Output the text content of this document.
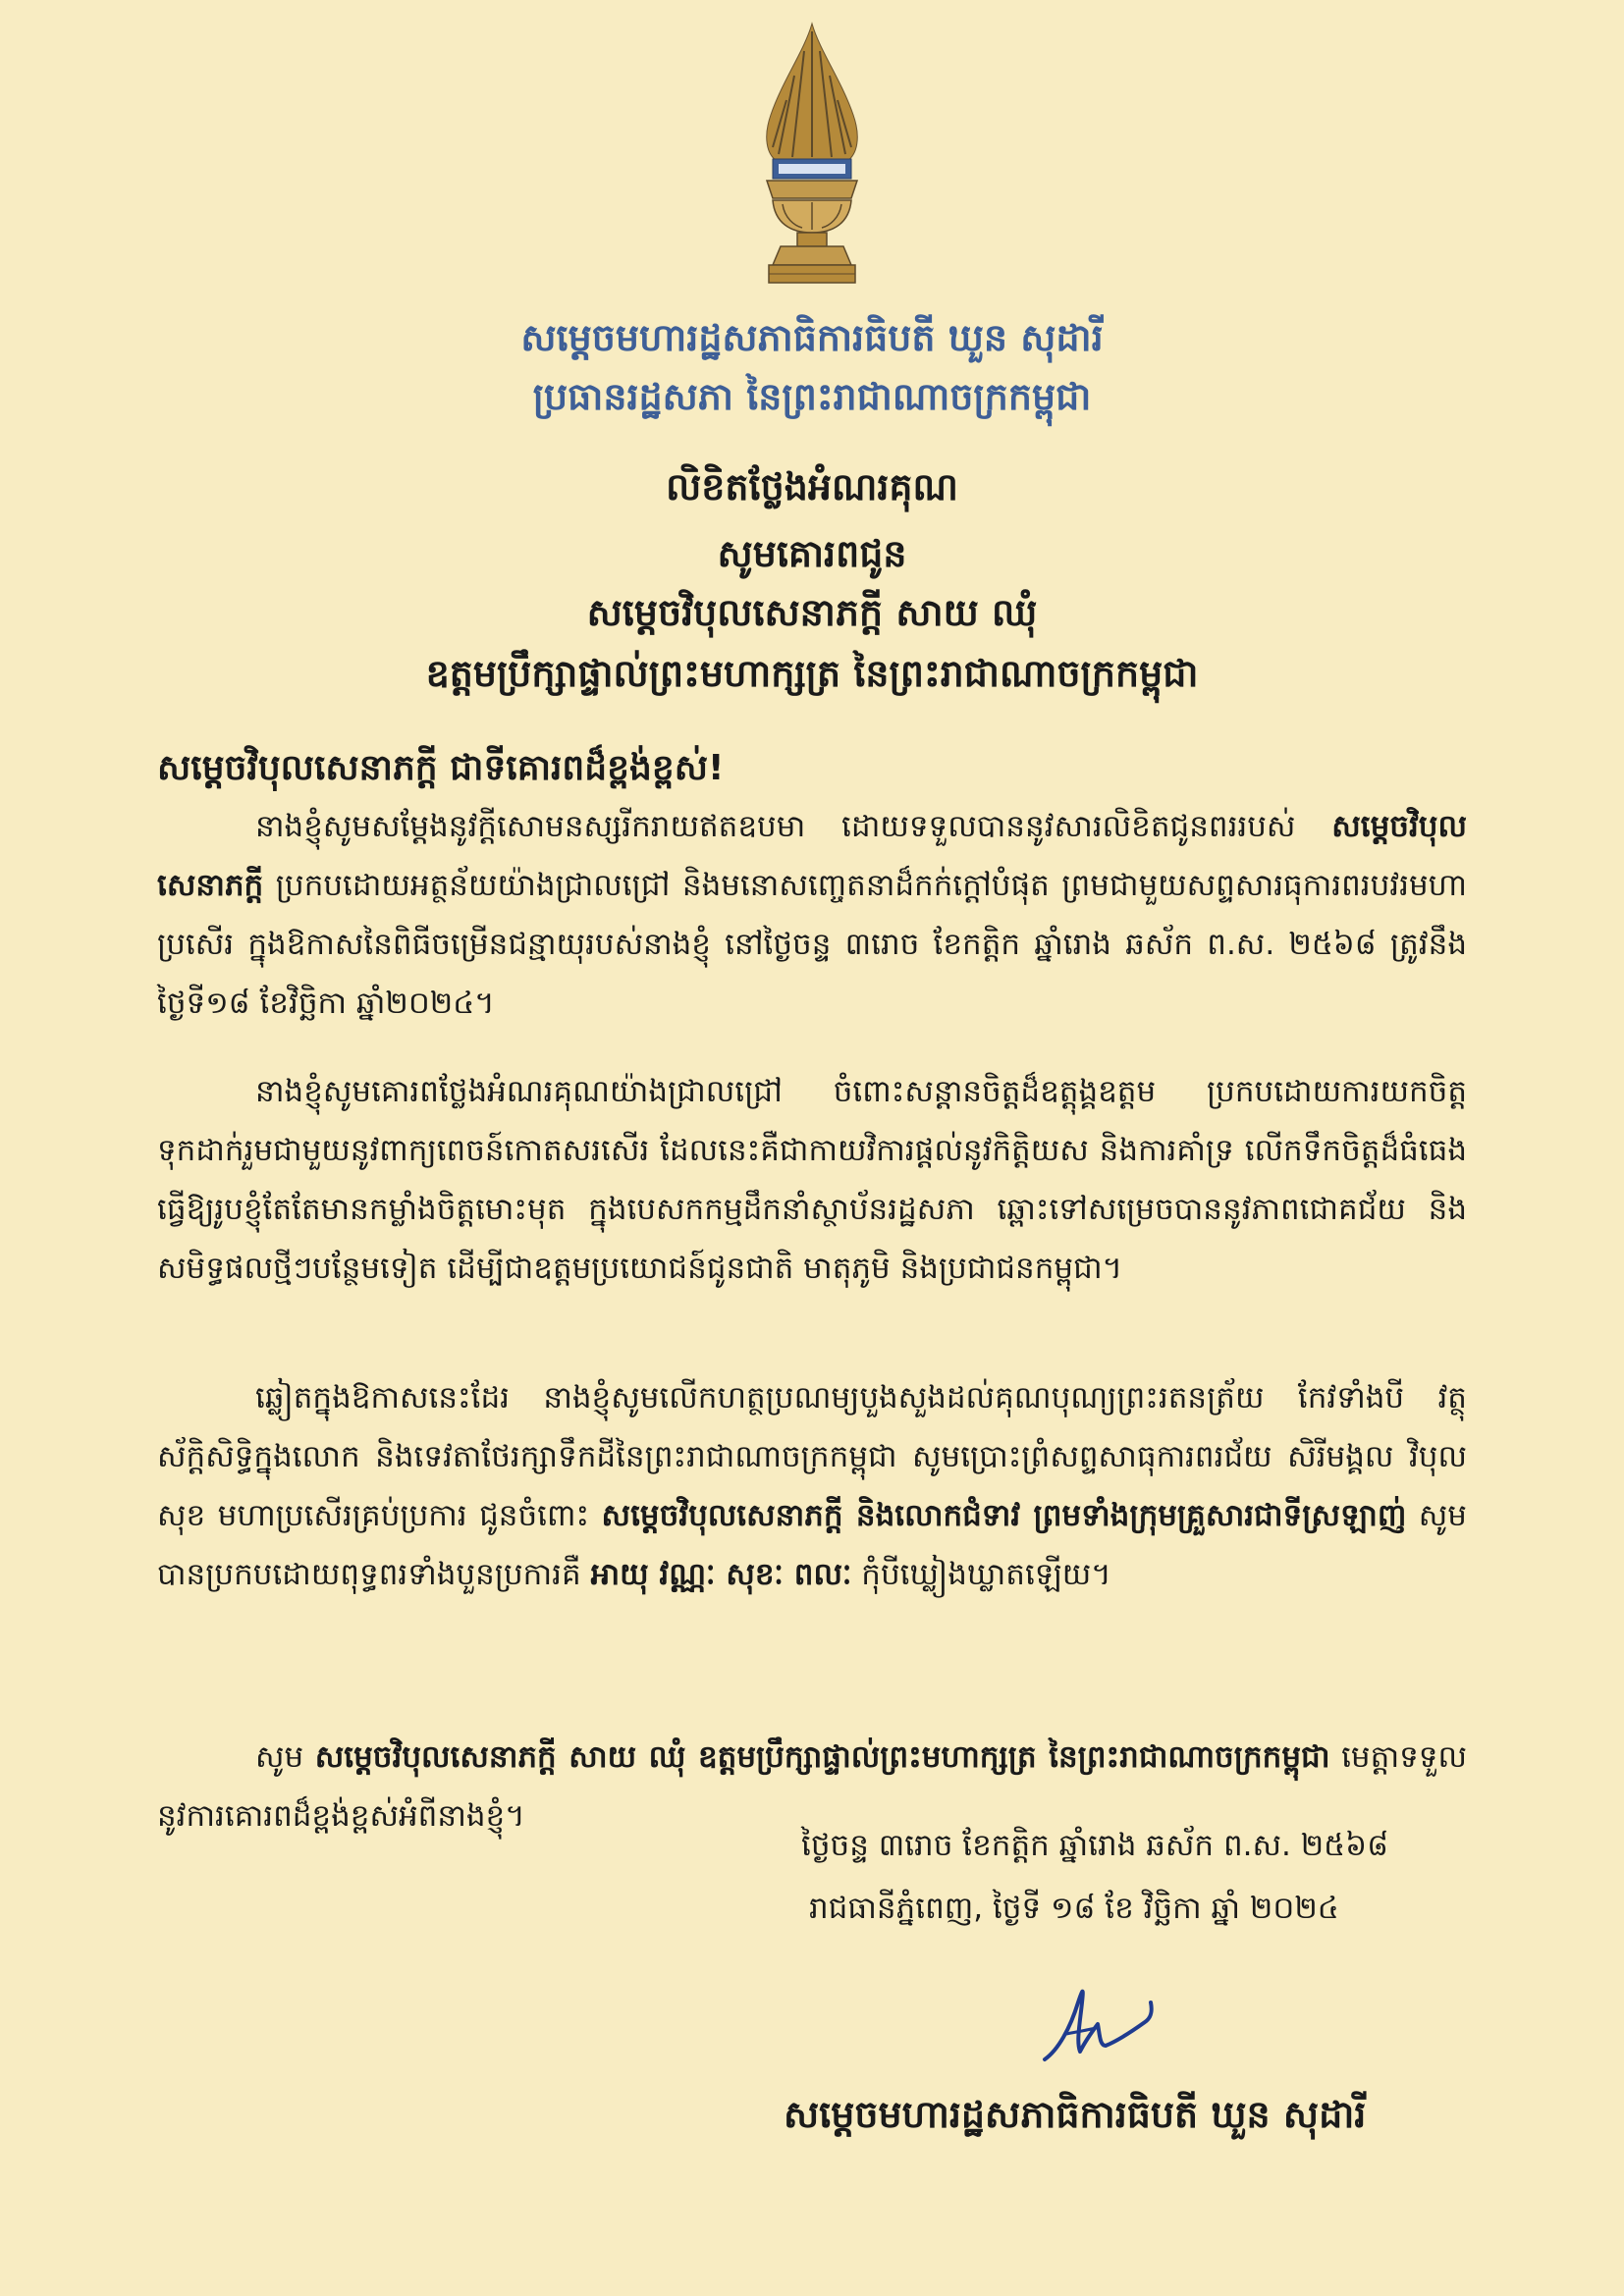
សម្តេចមហារដ្ឋសភាធិការធិបតី ឃួន សុដារី
ប្រធានរដ្ឋសភា នៃព្រះរាជាណាចក្រកម្ពុជា
លិខិតថ្លែងអំណរគុណ
សូមគោរពជូន
សម្តេចវិបុលសេនាភក្តី សាយ ឈុំ
ឧត្តមប្រឹក្សាផ្ទាល់ព្រះមហាក្សត្រ នៃព្រះរាជាណាចក្រកម្ពុជា
សម្តេចវិបុលសេនាភក្តី ជាទីគោរពដ៏ខ្ពង់ខ្ពស់!

នាងខ្ញុំសូមសម្តែងនូវក្តីសោមនស្សរីករាយឥតឧបមា ដោយទទួលបាននូវសារលិខិតជូនពររបស់ សម្តេចវិបុលសេនាភក្តី ប្រកបដោយអត្ថន័យយ៉ាងជ្រាលជ្រៅ និងមនោសញ្ចេតនាដ៏កក់ក្តៅបំផុត ព្រមជាមួយសព្ទសារធុការពរបវរមហាប្រសើរ ក្នុងឱកាសនៃពិធីចម្រើនជន្មាយុរបស់នាងខ្ញុំ នៅថ្ងៃចន្ទ ៣រោច ខែកត្តិក ឆ្នាំរោង ឆស័ក ព.ស. ២៥៦៨ ត្រូវនឹងថ្ងៃទី១៨ ខែវិច្ឆិកា ឆ្នាំ២០២៤។

នាងខ្ញុំសូមគោរពថ្លែងអំណរគុណយ៉ាងជ្រាលជ្រៅ ចំពោះសន្តានចិត្តដ៏ឧត្តុង្គឧត្តម ប្រកបដោយការយកចិត្តទុកដាក់រួមជាមួយនូវពាក្យពេចន៍កោតសរសើរ ដែលនេះគឺជាកាយវិការផ្តល់នូវកិត្តិយស និងការគាំទ្រ លើកទឹកចិត្តដ៏ធំធេង ធ្វើឱ្យរូបខ្ញុំតែតែមានកម្លាំងចិត្តមោះមុត ក្នុងបេសកកម្មដឹកនាំស្ថាប័នរដ្ឋសភា ឆ្ពោះទៅសម្រេចបាននូវភាពជោគជ័យ និងសមិទ្ធផលថ្មីៗបន្ថែមទៀត ដើម្បីជាឧត្តមប្រយោជន៍ជូនជាតិ មាតុភូមិ និងប្រជាជនកម្ពុជា។

ឆ្លៀតក្នុងឱកាសនេះដែរ នាងខ្ញុំសូមលើកហត្ថប្រណម្យបួងសួងដល់គុណបុណ្យព្រះរតនត្រ័យ កែវទាំងបី វត្ថុស័ក្តិសិទ្ធិក្នុងលោក និងទេវតាថែរក្សាទឹកដីនៃព្រះរាជាណាចក្រកម្ពុជា សូមប្រោះព្រំសព្ទសាធុការពរជ័យ សិរីមង្គល វិបុលសុខ មហាប្រសើរគ្រប់ប្រការ ជូនចំពោះ សម្តេចវិបុលសេនាភក្តី និងលោកជំទាវ ព្រមទាំងក្រុមគ្រួសារជាទីស្រឡាញ់ សូមបានប្រកបដោយពុទ្ធពរទាំងបួនប្រការគឺ អាយុ វណ្ណៈ សុខៈ ពលៈ កុំបីឃ្លៀងឃ្លាតឡើយ។

សូម សម្តេចវិបុលសេនាភក្តី សាយ ឈុំ ឧត្តមប្រឹក្សាផ្ទាល់ព្រះមហាក្សត្រ នៃព្រះរាជាណាចក្រកម្ពុជា មេត្តាទទួលនូវការគោរពដ៏ខ្ពង់ខ្ពស់អំពីនាងខ្ញុំ។

ថ្ងៃចន្ទ ៣រោច ខែកត្តិក ឆ្នាំរោង ឆស័ក ព.ស. ២៥៦៨
រាជធានីភ្នំពេញ, ថ្ងៃទី ១៨ ខែ វិច្ឆិកា ឆ្នាំ ២០២៤
សម្តេចមហារដ្ឋសភាធិការធិបតី ឃួន សុដារី
